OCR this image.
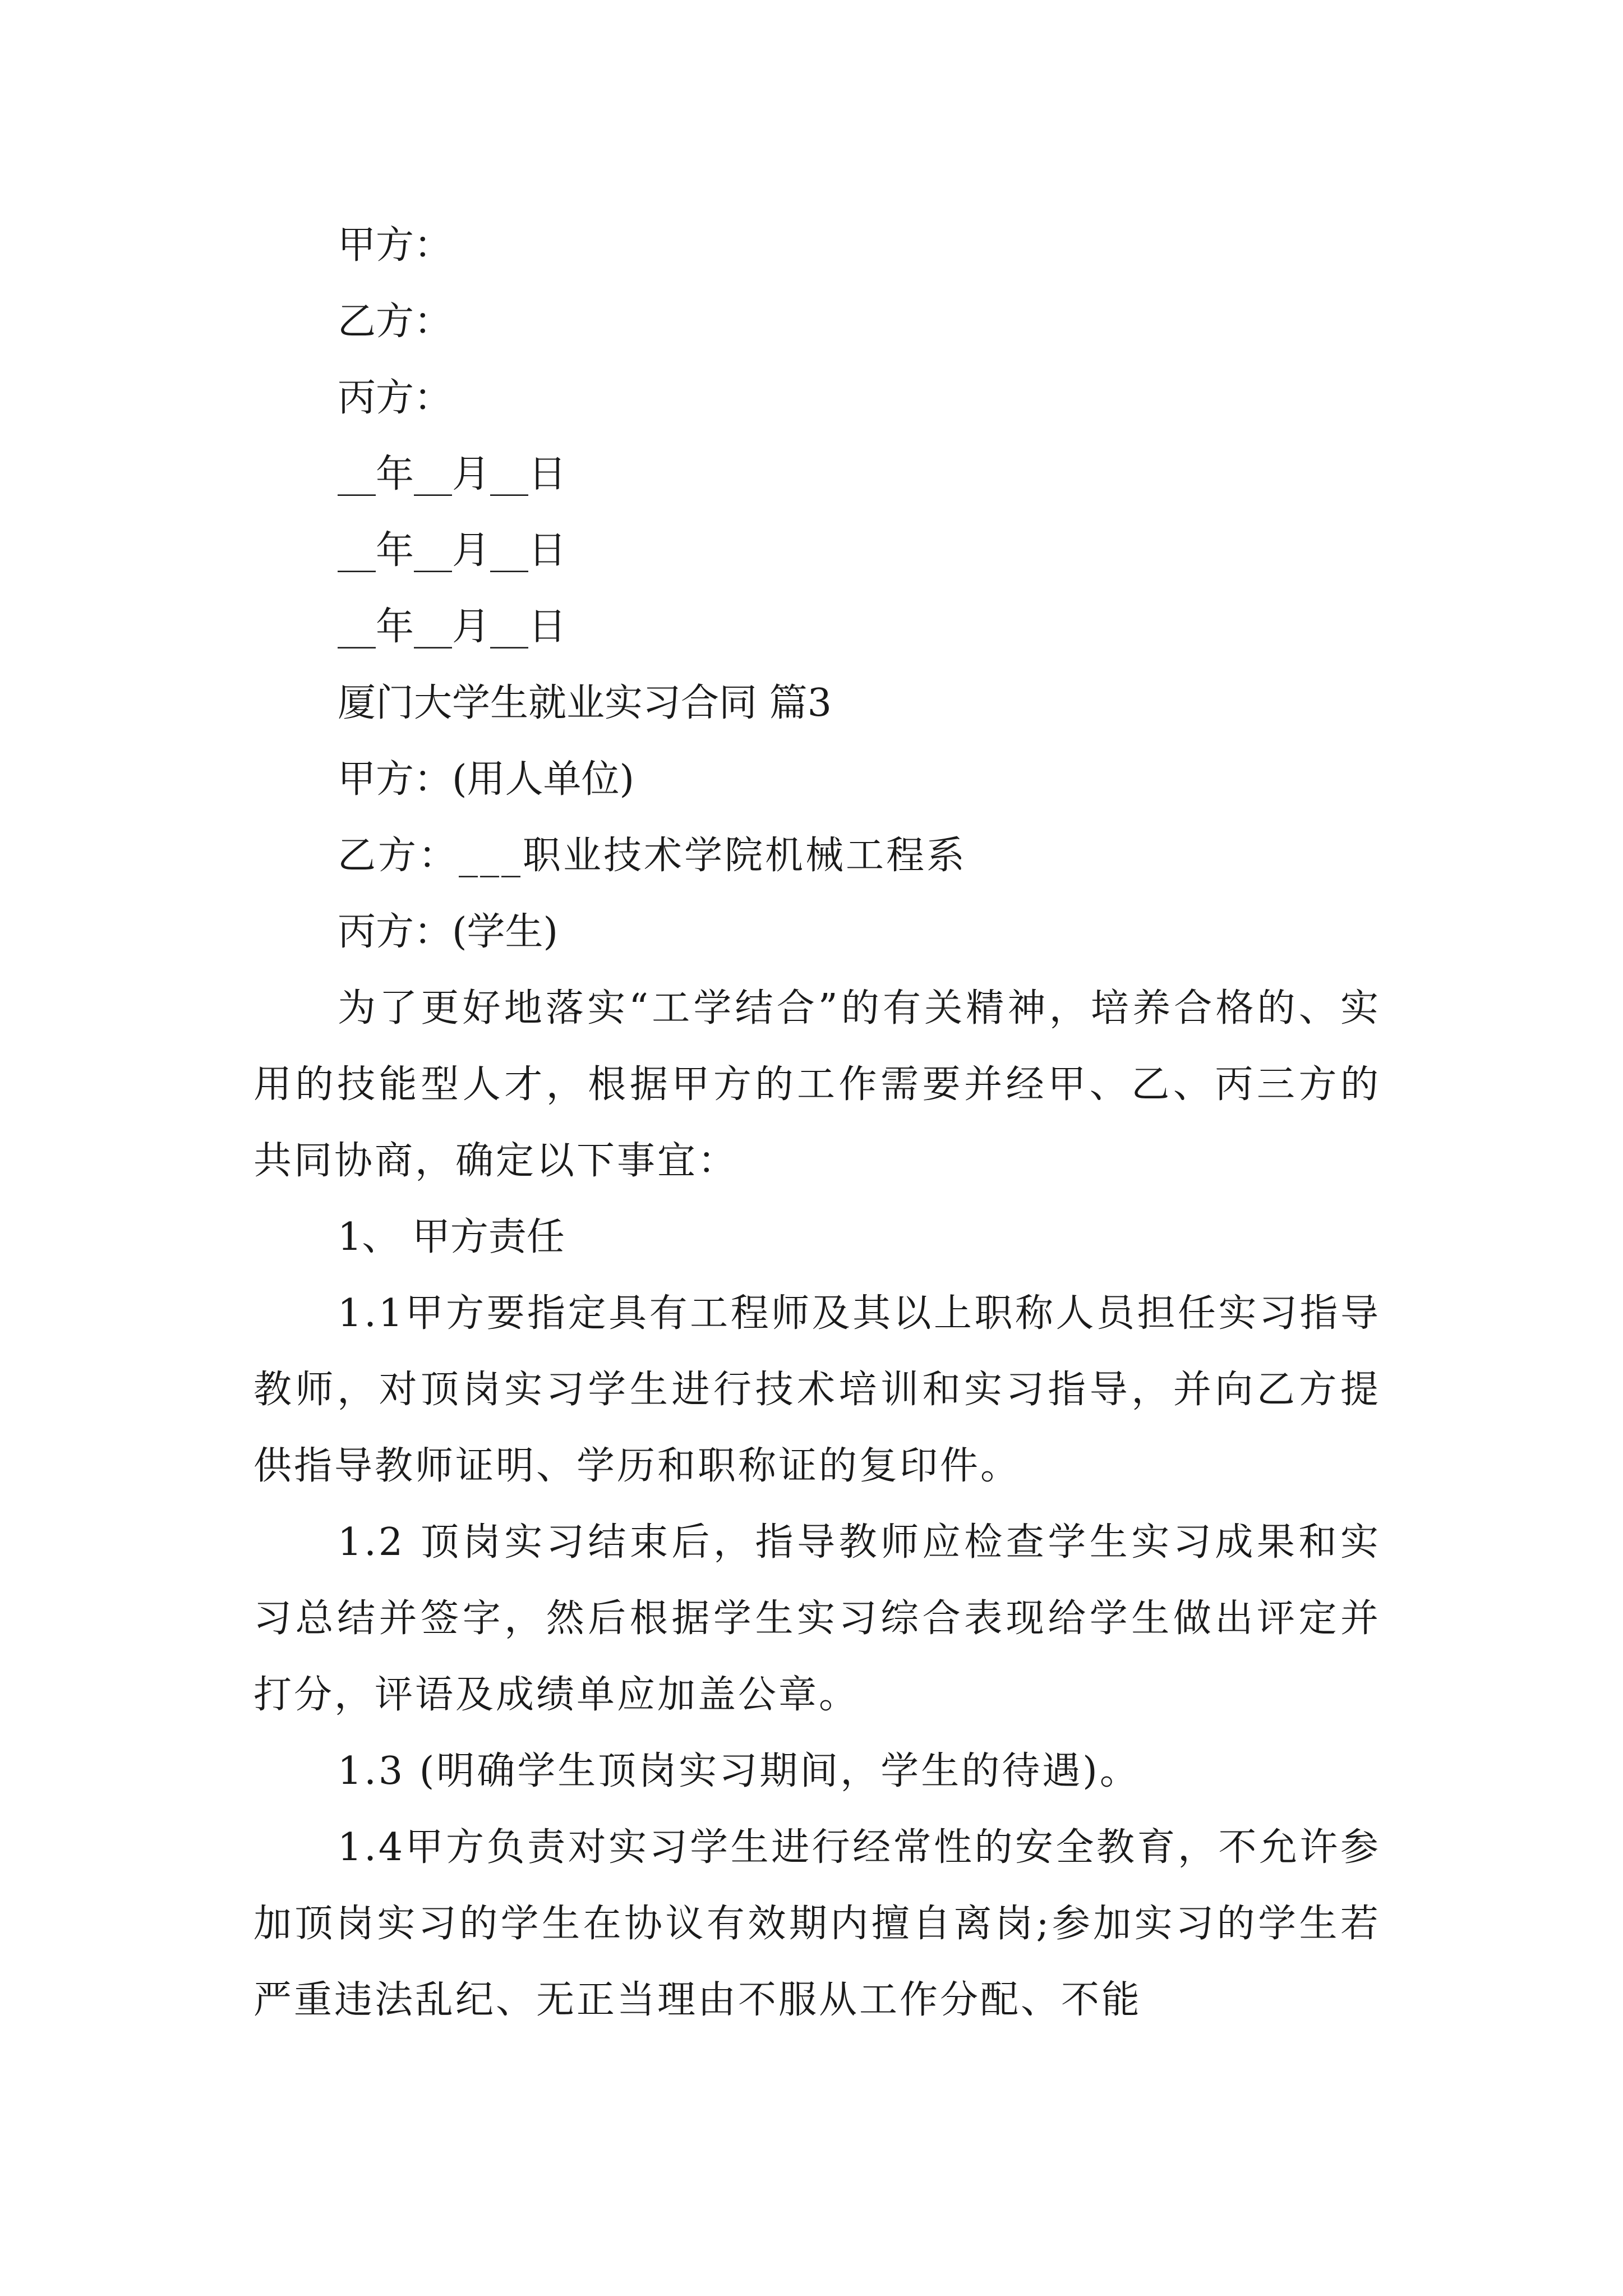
甲方：

乙方：

丙方：

__年__月__日

__年__月__日

__年__月__日

厦门大学生就业实习合同 篇3

甲方：(用人单位)

乙方：___职业技术学院机械工程系

丙方：(学生)

为了更好地落实“工学结合”的有关精神，培养合格的、实用的技能型人才，根据甲方的工作需要并经甲、乙、丙三方的共同协商，确定以下事宜：

1、 甲方责任

1.1甲方要指定具有工程师及其以上职称人员担任实习指导教师，对顶岗实习学生进行技术培训和实习指导，并向乙方提供指导教师证明、学历和职称证的复印件。

1.2 顶岗实习结束后，指导教师应检查学生实习成果和实习总结并签字，然后根据学生实习综合表现给学生做出评定并打分，评语及成绩单应加盖公章。

1.3 (明确学生顶岗实习期间，学生的待遇)。

1.4甲方负责对实习学生进行经常性的安全教育，不允许参加顶岗实习的学生在协议有效期内擅自离岗;参加实习的学生若严重违法乱纪、无正当理由不服从工作分配、不能
